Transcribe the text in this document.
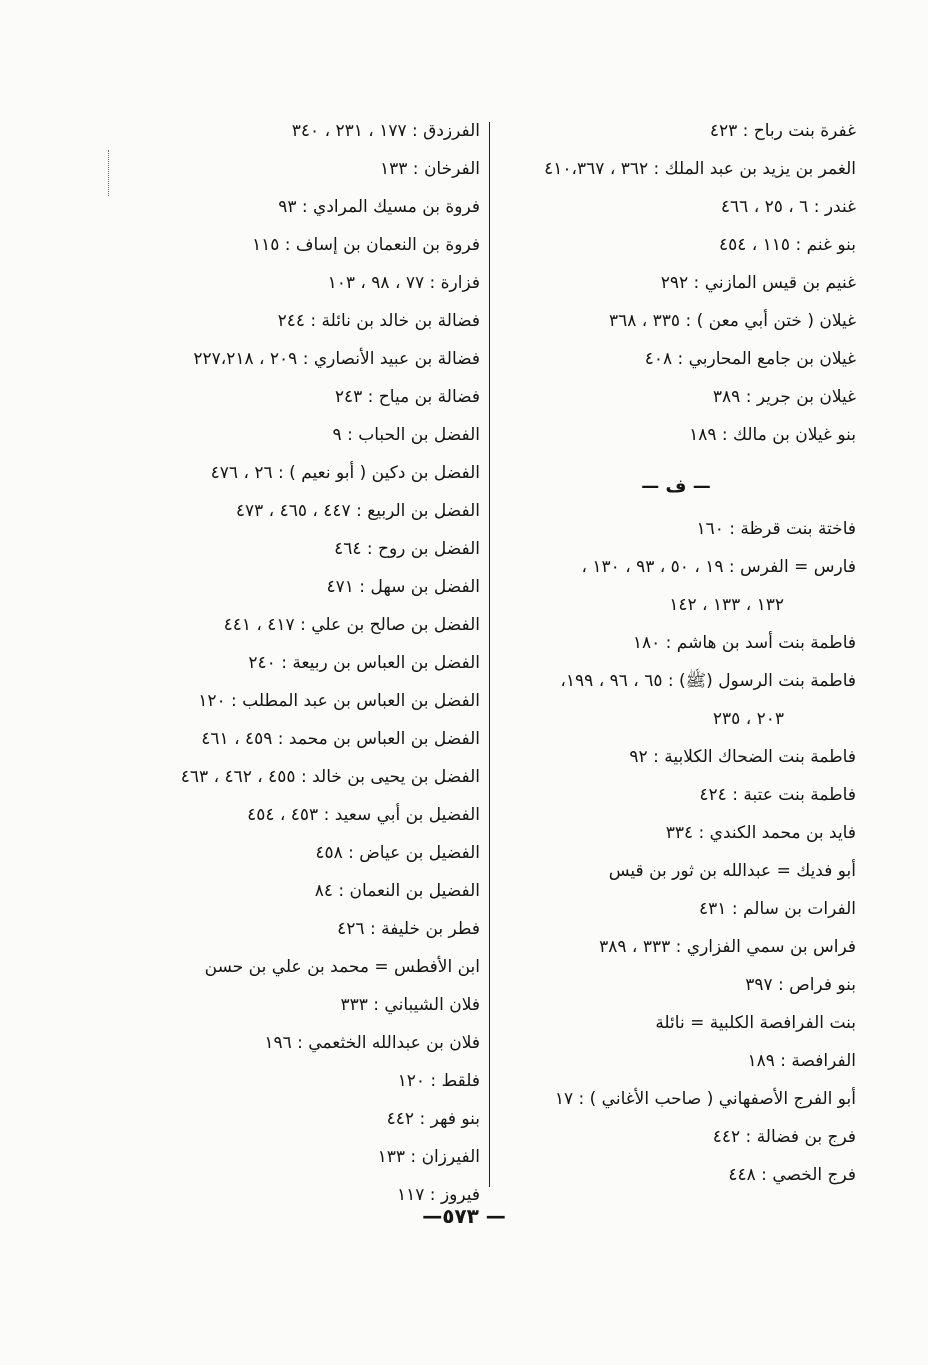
غفرة بنت رباح : ٤٢٣
الغمر بن يزيد بن عبد الملك : ٣٦٢ ، ٤١٠،٣٦٧
غندر : ٦ ، ٢٥ ، ٤٦٦
بنو غنم : ١١٥ ، ٤٥٤
غنيم بن قيس المازني : ٢٩٢
غيلان ( ختن أبي معن ) : ٣٣٥ ، ٣٦٨
غيلان بن جامع المحاربي : ٤٠٨
غيلان بن جرير : ٣٨٩
بنو غيلان بن مالك : ١٨٩
— ف —
فاختة بنت قرظة : ١٦٠
فارس = الفرس : ١٩ ، ٥٠ ، ٩٣ ، ١٣٠ ،
١٣٢ ، ١٣٣ ، ١٤٢
فاطمة بنت أسد بن هاشم : ١٨٠
فاطمة بنت الرسول (ﷺ) : ٦٥ ، ٩٦ ، ١٩٩،
٢٠٣ ، ٢٣٥
فاطمة بنت الضحاك الكلابية : ٩٢
فاطمة بنت عتبة : ٤٢٤
فايد بن محمد الكندي : ٣٣٤
أبو فديك = عبدالله بن ثور بن قيس
الفرات بن سالم : ٤٣١
فراس بن سمي الفزاري : ٣٣٣ ، ٣٨٩
بنو فراص : ٣٩٧
بنت الفرافصة الكلبية = نائلة
الفرافصة : ١٨٩
أبو الفرج الأصفهاني ( صاحب الأغاني ) : ١٧
فرج بن فضالة : ٤٤٢
فرج الخصي : ٤٤٨
الفرزدق : ١٧٧ ، ٢٣١ ، ٣٤٠
الفرخان : ١٣٣
فروة بن مسيك المرادي : ٩٣
فروة بن النعمان بن إساف : ١١٥
فزارة : ٧٧ ، ٩٨ ، ١٠٣
فضالة بن خالد بن نائلة : ٢٤٤
فضالة بن عبيد الأنصاري : ٢٠٩ ، ٢٢٧،٢١٨
فضالة بن مياح : ٢٤٣
الفضل بن الحباب : ٩
الفضل بن دكين ( أبو نعيم ) : ٢٦ ، ٤٧٦
الفضل بن الربيع : ٤٤٧ ، ٤٦٥ ، ٤٧٣
الفضل بن روح : ٤٦٤
الفضل بن سهل : ٤٧١
الفضل بن صالح بن علي : ٤١٧ ، ٤٤١
الفضل بن العباس بن ربيعة : ٢٤٠
الفضل بن العباس بن عبد المطلب : ١٢٠
الفضل بن العباس بن محمد : ٤٥٩ ، ٤٦١
الفضل بن يحيى بن خالد : ٤٥٥ ، ٤٦٢ ، ٤٦٣
الفضيل بن أبي سعيد : ٤٥٣ ، ٤٥٤
الفضيل بن عياض : ٤٥٨
الفضيل بن النعمان : ٨٤
فطر بن خليفة : ٤٢٦
ابن الأفطس = محمد بن علي بن حسن
فلان الشيباني : ٣٣٣
فلان بن عبدالله الخثعمي : ١٩٦
فلقط : ١٢٠
بنو فهر : ٤٤٢
الفيرزان : ١٣٣
فيروز : ١١٧
— ٥٧٣—
